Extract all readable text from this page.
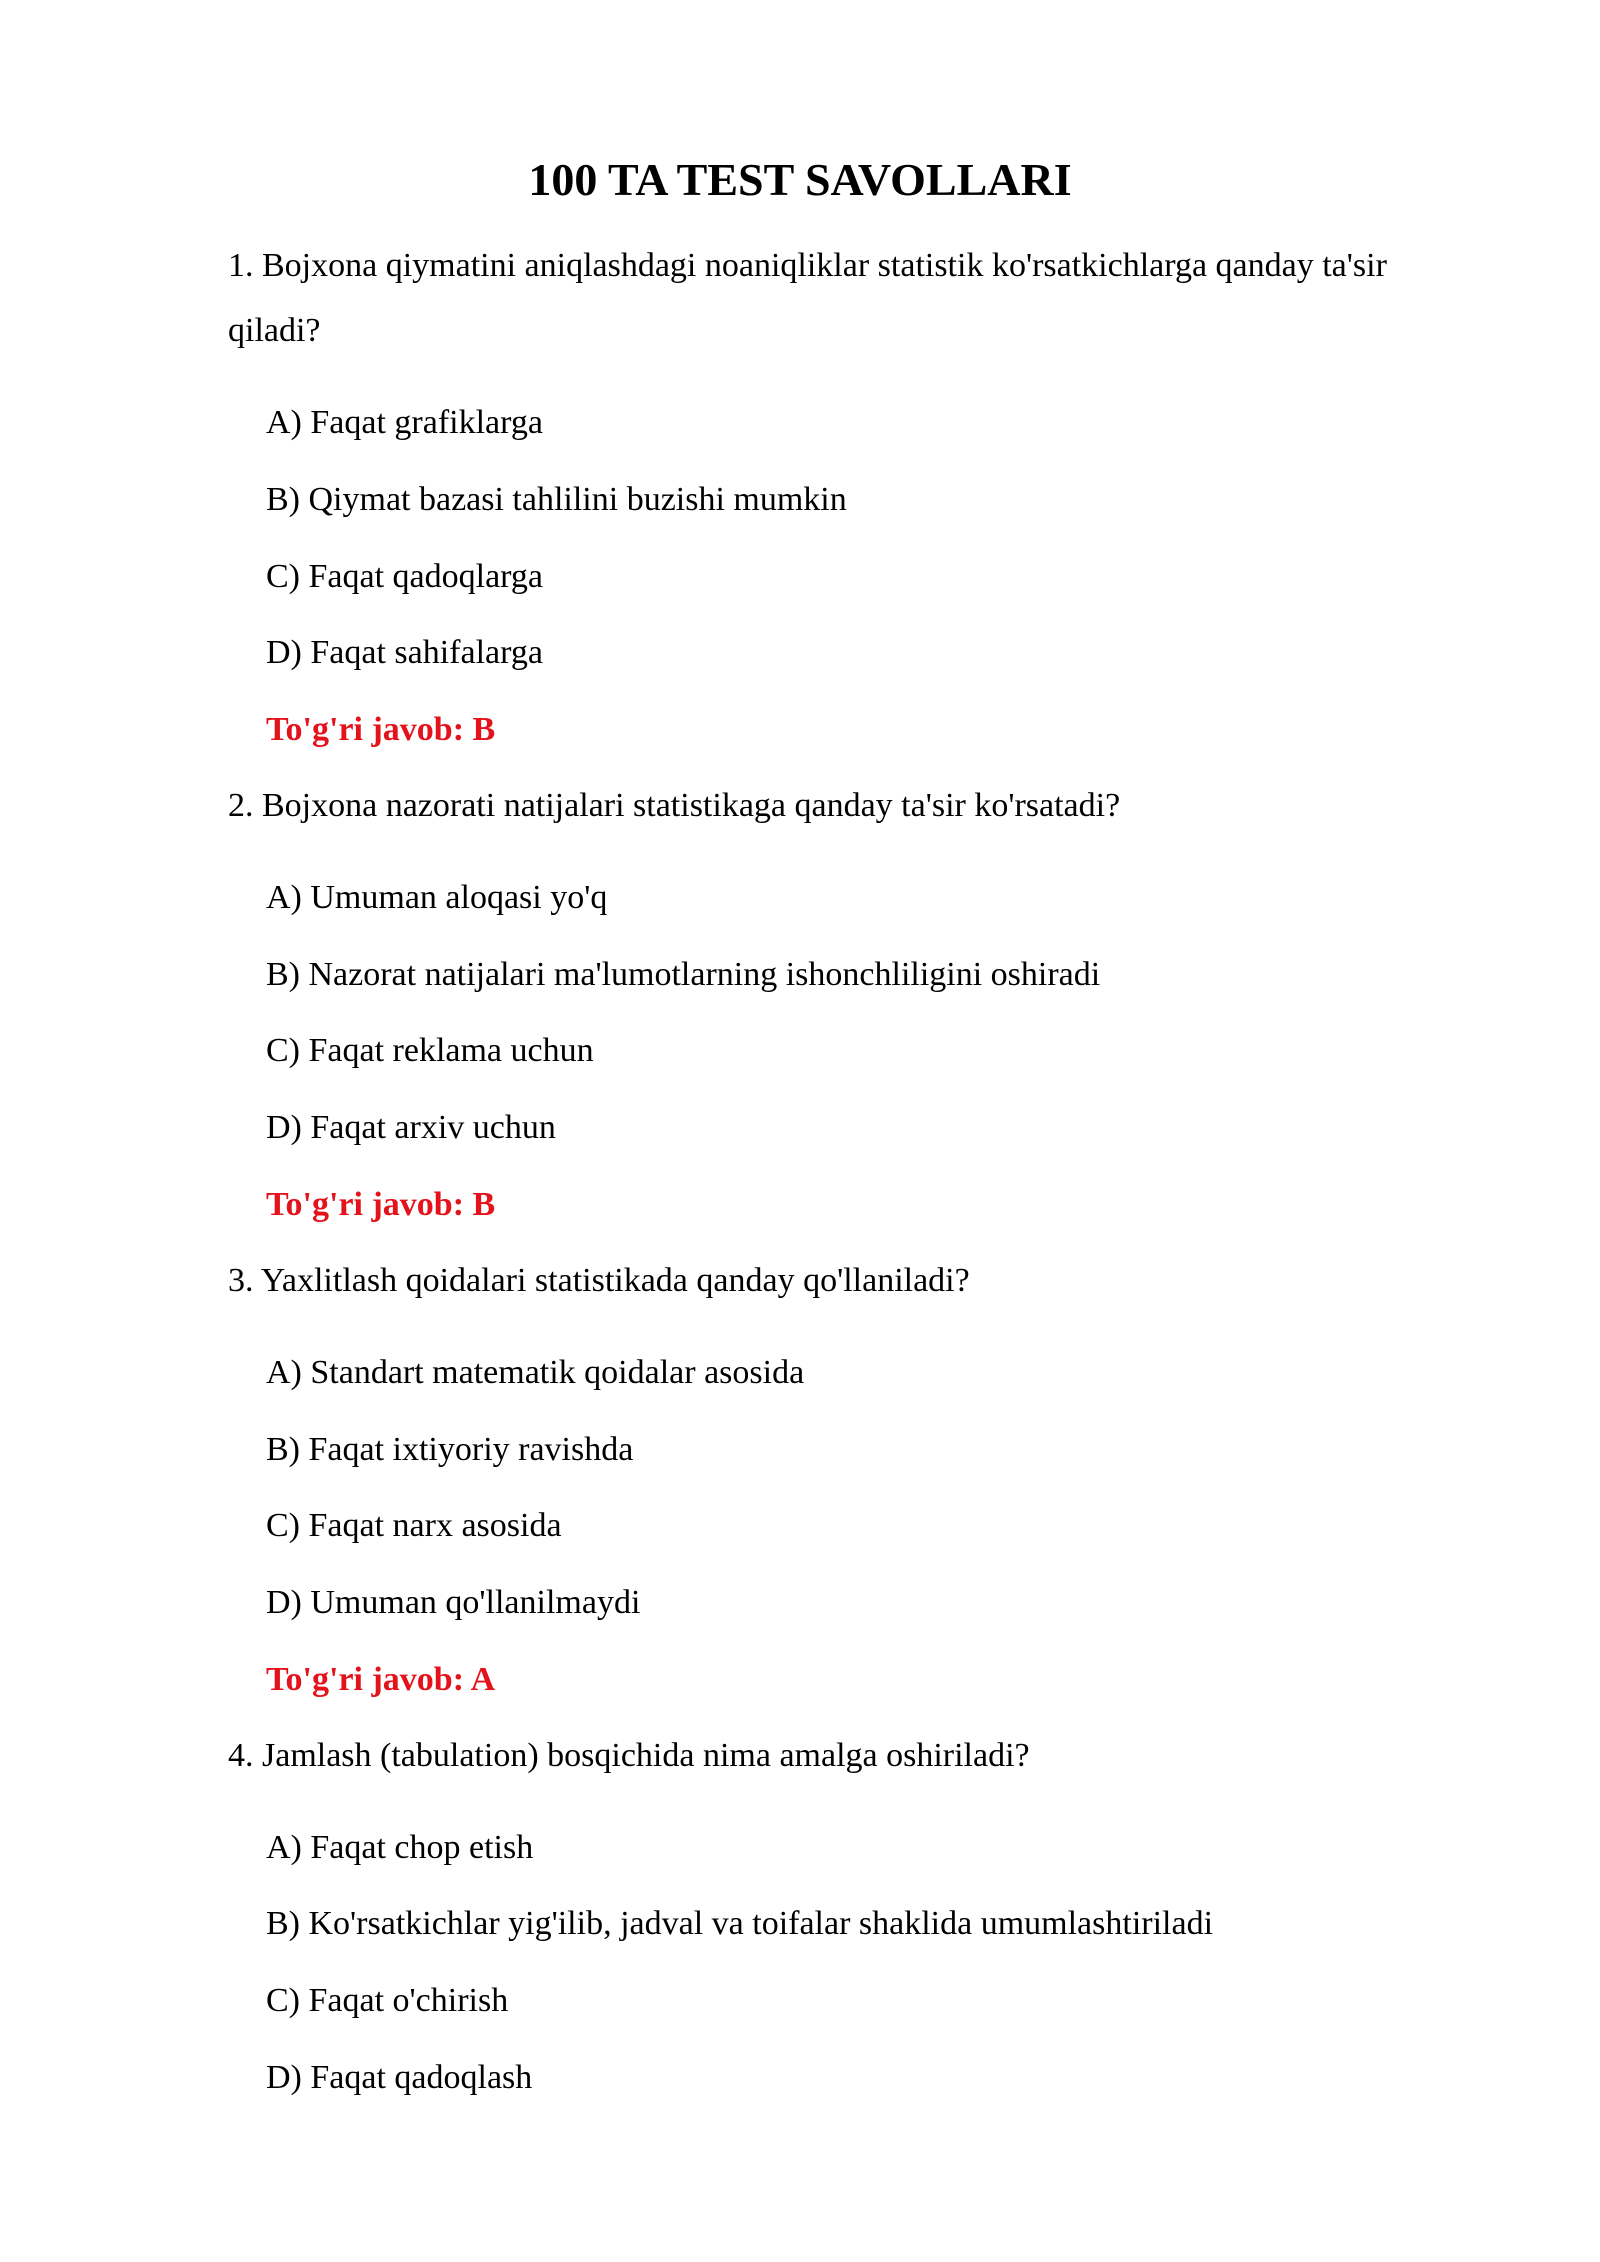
100 TA TEST SAVOLLARI

1. Bojxona qiymatini aniqlashdagi noaniqliklar statistik ko'rsatkichlarga qanday ta'sir qiladi?

A) Faqat grafiklarga

B) Qiymat bazasi tahlilini buzishi mumkin

C) Faqat qadoqlarga

D) Faqat sahifalarga

To'g'ri javob: B

2. Bojxona nazorati natijalari statistikaga qanday ta'sir ko'rsatadi?

A) Umuman aloqasi yo'q

B) Nazorat natijalari ma'lumotlarning ishonchliligini oshiradi

C) Faqat reklama uchun

D) Faqat arxiv uchun

To'g'ri javob: B

3. Yaxlitlash qoidalari statistikada qanday qo'llaniladi?

A) Standart matematik qoidalar asosida

B) Faqat ixtiyoriy ravishda

C) Faqat narx asosida

D) Umuman qo'llanilmaydi

To'g'ri javob: A

4. Jamlash (tabulation) bosqichida nima amalga oshiriladi?

A) Faqat chop etish

B) Ko'rsatkichlar yig'ilib, jadval va toifalar shaklida umumlashtiriladi

C) Faqat o'chirish

D) Faqat qadoqlash
